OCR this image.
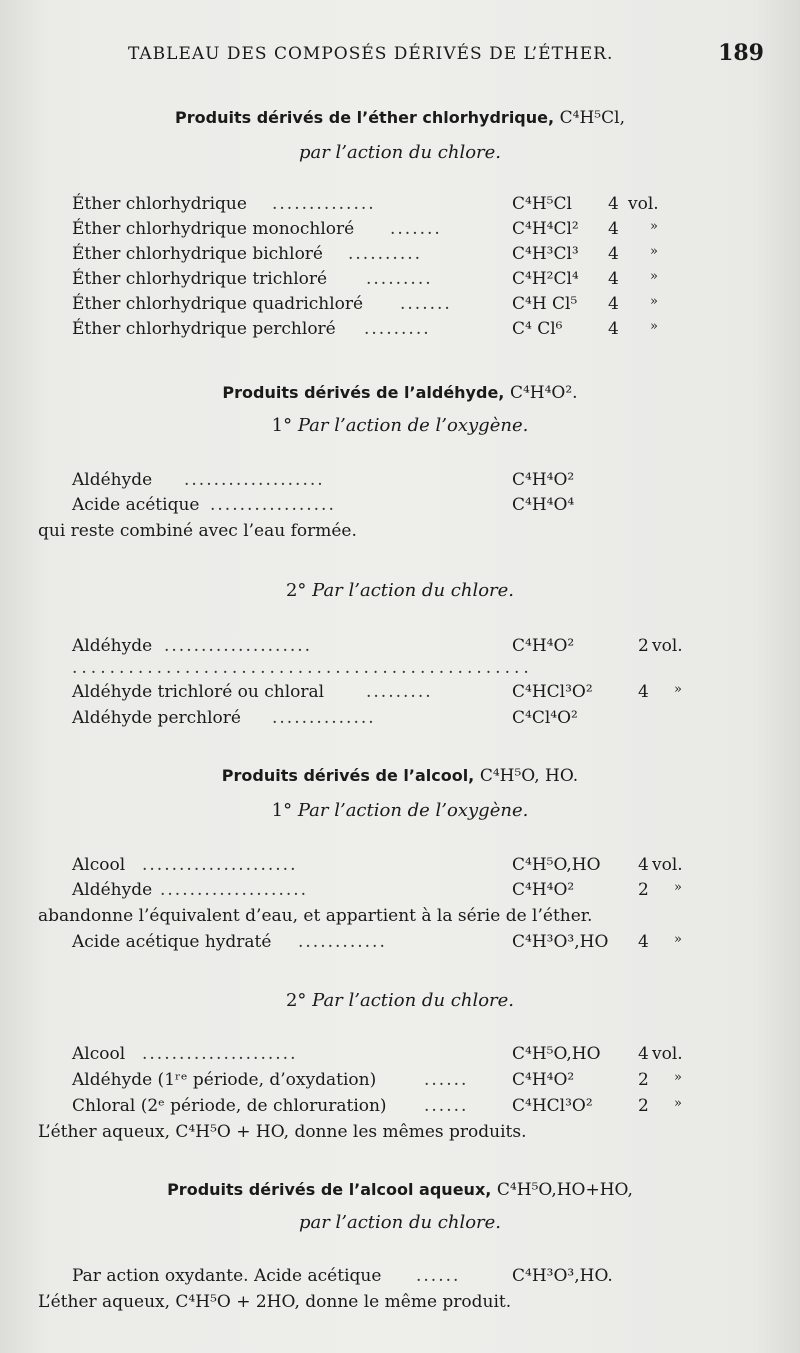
TABLEAU DES COMPOSÉS DÉRIVÉS DE L’ÉTHER.	189
Produits dérivés de l’éther chlorhydrique, C⁴H⁵Cl,
par l’action du chlore.
Éther chlorhydrique ..............	C⁴H⁵Cl 4 vol.
Éther chlorhydrique monochloré .......	C⁴H⁴Cl² 4 »
Éther chlorhydrique bichloré ..........	C⁴H³Cl³ 4 »
Éther chlorhydrique trichloré .........	C⁴H²Cl⁴ 4 »
Éther chlorhydrique quadrichloré .......	C⁴H Cl⁵ 4 »
Éther chlorhydrique perchloré .........	C⁴ Cl⁶	4 »
Produits dérivés de l’aldéhyde, C⁴H⁴O².
1° Par l’action de l’oxygène.
Aldéhyde ...................	C⁴H⁴O²
Acide acétique .................	C⁴H⁴O⁴
qui reste combiné avec l’eau formée.
2° Par l’action du chlore.
Aldéhyde ....................	C⁴H⁴O²	2 vol.
.................................................
Aldéhyde trichloré ou chloral .........	C⁴HCl³O²	4 »
Aldéhyde perchloré ..............	C⁴Cl⁴O²
Produits dérivés de l’alcool, C⁴H⁵O, HO.
1° Par l’action de l’oxygène.
Alcool .....................	C⁴H⁵O,HO 4 vol.
Aldéhyde ....................	C⁴H⁴O²	2 »
abandonne l’équivalent d’eau, et appartient à la série de l’éther.
Acide acétique hydraté ............	C⁴H³O³,HO 4 »
2° Par l’action du chlore.
Alcool .....................	C⁴H⁵O,HO 4 vol.
Aldéhyde (1ʳᵉ période, d’oxydation)	......	C⁴H⁴O²	2 »
Chloral (2ᵉ période, de chloruration) ......	C⁴HCl³O²	2 »
L’éther aqueux, C⁴H⁵O + HO, donne les mêmes produits.
Produits dérivés de l’alcool aqueux, C⁴H⁵O,HO+HO,
par l’action du chlore.
Par action oxydante. Acide acétique ......	C⁴H³O³,HO.
L’éther aqueux, C⁴H⁵O + 2HO, donne le même produit.
